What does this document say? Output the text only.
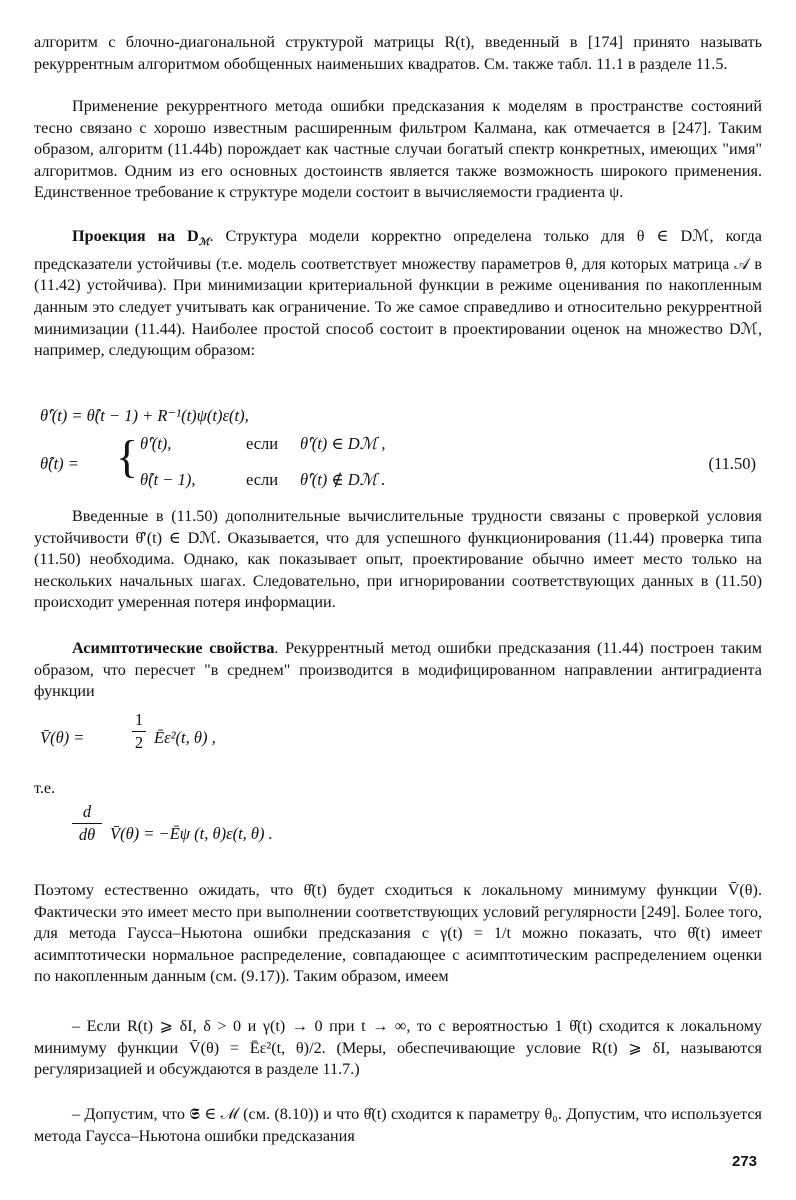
алгоритм с блочно-диагональной структурой матрицы R(t), введенный в [174] принято называть рекуррентным алгоритмом обобщенных наименьших квадратов. См. также табл. 11.1 в разделе 11.5.

Применение рекуррентного метода ошибки предсказания к моделям в пространстве состояний тесно связано с хорошо известным расширенным фильтром Калмана, как отмечается в [247]. Таким образом, алгоритм (11.44b) порождает как частные случаи богатый спектр конкретных, имеющих "имя" алгоритмов. Одним из его основных достоинств является также возможность широкого применения. Единственное требование к структуре модели состоит в вычисляемости градиента ψ.

Проекция на $D_ℳ$. Структура модели корректно определена только для θ ∈ Dℳ, когда предсказатели устойчивы (т.е. модель соответствует множеству параметров θ, для которых матрица 𝒜 в (11.42) устойчива). При минимизации критериальной функции в режиме оценивания по накопленным данным это следует учитывать как ограничение. То же самое справедливо и относительно рекуррентной минимизации (11.44). Наиболее простой способ состоит в проектировании оценок на множество Dℳ, например, следующим образом:

θ̂′(t) = θ̂(t − 1) + R⁻¹(t)ψ(t)ε(t),
θ̂(t) = { θ̂′(t),	если θ̂′(t) ∈ Dℳ ,
θ̂(t − 1),	если θ̂′(t) ∉ Dℳ .
(11.50)

Введенные в (11.50) дополнительные вычислительные трудности связаны с проверкой условия устойчивости θ̂′(t) ∈ Dℳ. Оказывается, что для успешного функционирования (11.44) проверка типа (11.50) необходима. Однако, как показывает опыт, проектирование обычно имеет место только на нескольких начальных шагах. Следовательно, при игнорировании соответствующих данных в (11.50) происходит умеренная потеря информации.

Асимптотические свойства. Рекуррентный метод ошибки предсказания (11.44) построен таким образом, что пересчет "в среднем" производится в модифицированном направлении антиградиента функции

V̄(θ) =
1
2 Ēε²(t, θ) ,

т.е.

d
dθ V̄(θ) = −Ēψ (t, θ)ε(t, θ) .

Поэтому естественно ожидать, что θ̂(t) будет сходиться к локальному минимуму функции V̄(θ). Фактически это имеет место при выполнении соответствующих условий регулярности [249]. Более того, для метода Гаусса–Ньютона ошибки предсказания с γ(t) = 1/t можно показать, что θ̂(t) имеет асимптотически нормальное распределение, совпадающее с асимптотическим распределением оценки по накопленным данным (см. (9.17)). Таким образом, имеем

– Если R(t) ⩾ δI, δ > 0 и γ(t) → 0 при t → ∞, то с вероятностью 1 θ̂(t) сходится к локальному минимуму функции V̄(θ) = Ēε²(t, θ)/2. (Меры, обеспечивающие условие R(t) ⩾ δI, называются регуляризацией и обсуждаются в разделе 11.7.)

– Допустим, что 𝕾 ∈ ℳ (см. (8.10)) и что θ̂(t) сходится к параметру θ₀. Допустим, что используется метода Гаусса–Ньютона ошибки предсказания

273
